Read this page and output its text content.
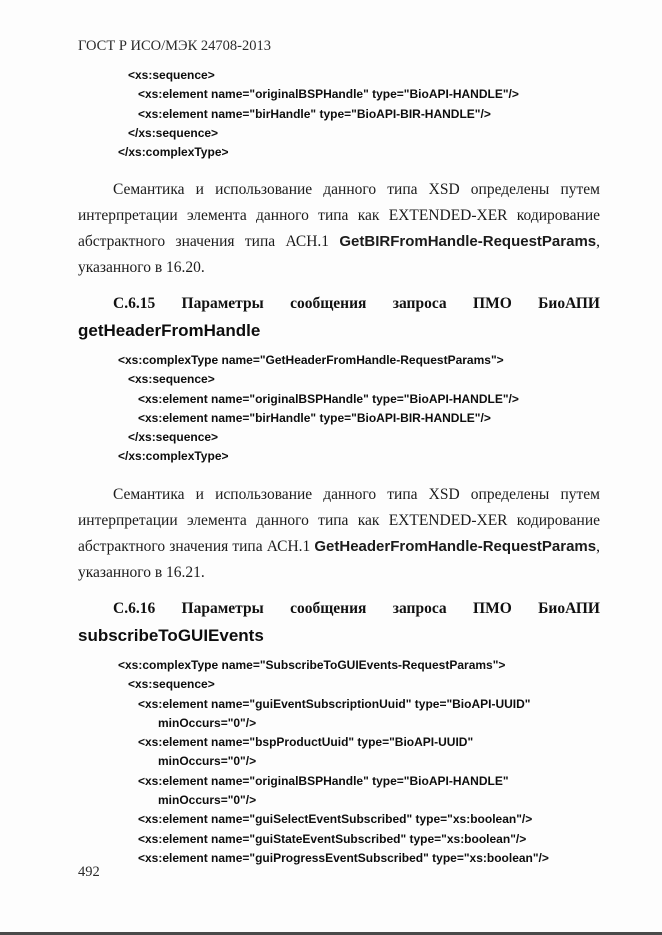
ГОСТ Р ИСО/МЭК 24708-2013
<xs:sequence>
<xs:element name="originalBSPHandle" type="BioAPI-HANDLE"/>
<xs:element name="birHandle" type="BioAPI-BIR-HANDLE"/>
</xs:sequence>
</xs:complexType>
Семантика и использование данного типа XSD определены путем
интерпретации элемента данного типа как EXTENDED-XER кодирование
абстрактного значения типа АСН.1 GetBIRFromHandle-RequestParams,
указанного в 16.20.
С.6.15 Параметры сообщения запроса ПМО БиоАПИ
getHeaderFromHandle
<xs:complexType name="GetHeaderFromHandle-RequestParams">
<xs:sequence>
<xs:element name="originalBSPHandle" type="BioAPI-HANDLE"/>
<xs:element name="birHandle" type="BioAPI-BIR-HANDLE"/>
</xs:sequence>
</xs:complexType>
Семантика и использование данного типа XSD определены путем
интерпретации элемента данного типа как EXTENDED-XER кодирование
абстрактного значения типа АСН.1 GetHeaderFromHandle-RequestParams,
указанного в 16.21.
С.6.16 Параметры сообщения запроса ПМО БиоАПИ
subscribeToGUIEvents
<xs:complexType name="SubscribeToGUIEvents-RequestParams">
<xs:sequence>
<xs:element name="guiEventSubscriptionUuid" type="BioAPI-UUID"
minOccurs="0"/>
<xs:element name="bspProductUuid" type="BioAPI-UUID"
minOccurs="0"/>
<xs:element name="originalBSPHandle" type="BioAPI-HANDLE"
minOccurs="0"/>
<xs:element name="guiSelectEventSubscribed" type="xs:boolean"/>
<xs:element name="guiStateEventSubscribed" type="xs:boolean"/>
<xs:element name="guiProgressEventSubscribed" type="xs:boolean"/>
492
